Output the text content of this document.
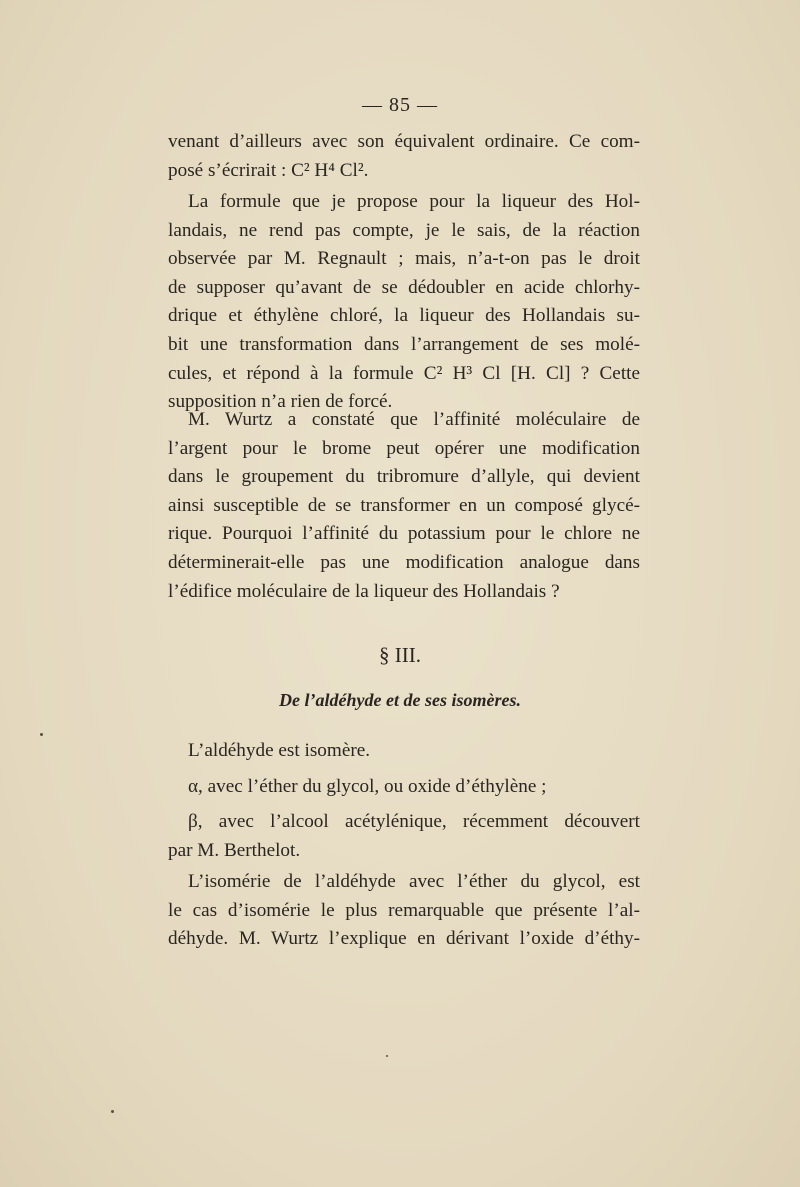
— 85 —
venant d’ailleurs avec son équivalent ordinaire. Ce com-
posé s’écrirait : C² H⁴ Cl².
La formule que je propose pour la liqueur des Hol-
landais, ne rend pas compte, je le sais, de la réaction
observée par M. Regnault ; mais, n’a-t-on pas le droit
de supposer qu’avant de se dédoubler en acide chlorhy-
drique et éthylène chloré, la liqueur des Hollandais su-
bit une transformation dans l’arrangement de ses molé-
cules, et répond à la formule C² H³ Cl [H. Cl] ? Cette
supposition n’a rien de forcé.
M. Wurtz a constaté que l’affinité moléculaire de
l’argent pour le brome peut opérer une modification
dans le groupement du tribromure d’allyle, qui devient
ainsi susceptible de se transformer en un composé glycé-
rique. Pourquoi l’affinité du potassium pour le chlore ne
déterminerait-elle pas une modification analogue dans
l’édifice moléculaire de la liqueur des Hollandais ?
§ III.
De l’aldéhyde et de ses isomères.
L’aldéhyde est isomère.
α, avec l’éther du glycol, ou oxide d’éthylène ;
β, avec l’alcool acétylénique, récemment découvert
par M. Berthelot.
L’isomérie de l’aldéhyde avec l’éther du glycol, est
le cas d’isomérie le plus remarquable que présente l’al-
déhyde. M. Wurtz l’explique en dérivant l’oxide d’éthy-
